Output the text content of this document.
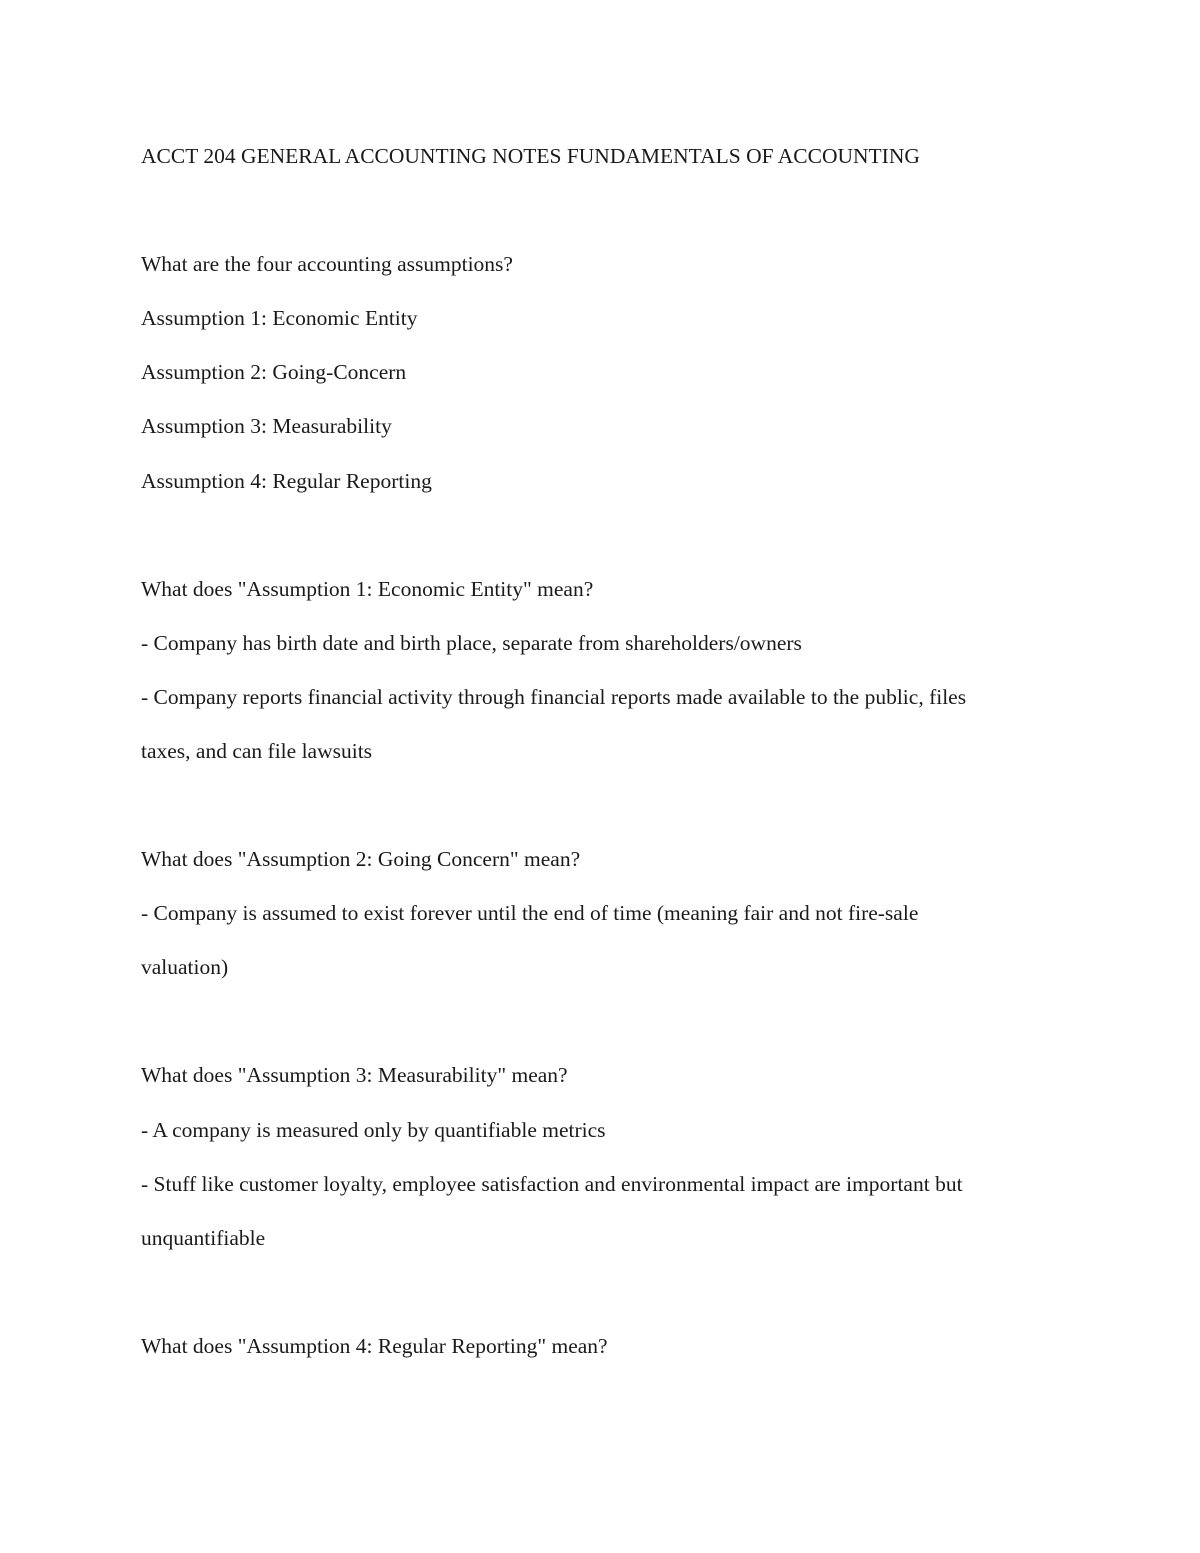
ACCT 204 GENERAL ACCOUNTING NOTES FUNDAMENTALS OF ACCOUNTING

What are the four accounting assumptions?

Assumption 1: Economic Entity

Assumption 2: Going-Concern

Assumption 3: Measurability

Assumption 4: Regular Reporting

What does "Assumption 1: Economic Entity" mean?

- Company has birth date and birth place, separate from shareholders/owners

- Company reports financial activity through financial reports made available to the public, files

taxes, and can file lawsuits

What does "Assumption 2: Going Concern" mean?

- Company is assumed to exist forever until the end of time (meaning fair and not fire-sale

valuation)

What does "Assumption 3: Measurability" mean?

- A company is measured only by quantifiable metrics

- Stuff like customer loyalty, employee satisfaction and environmental impact are important but

unquantifiable

What does "Assumption 4: Regular Reporting" mean?
